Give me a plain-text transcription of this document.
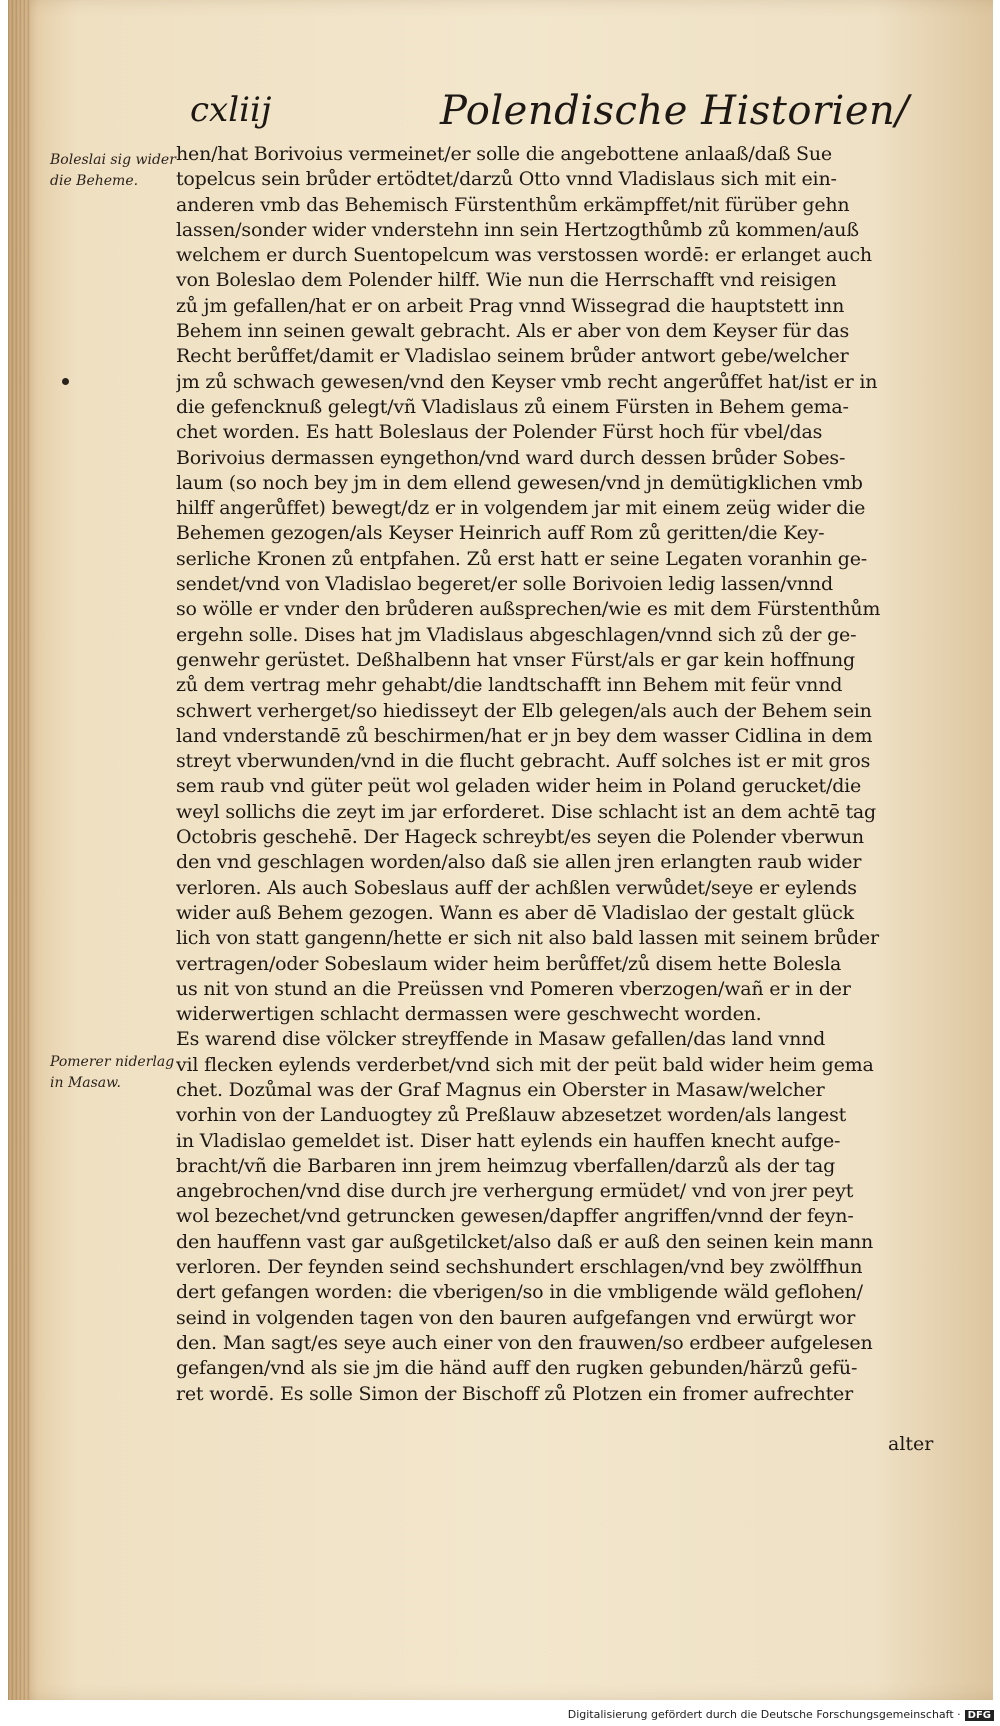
cxliij	Polendische Historien/
Boleslai sig wider die Beheme.
Pomerer niderlag in Masaw.
hen/hat Borivoius vermeinet/er solle die angebottene anlaaß/daß Sue
topelcus sein brůder ertödtet/darzů Otto vnnd Vladislaus sich mit ein-
anderen vmb das Behemisch Fürstenthům erkämpffet/nit fürüber gehn
lassen/sonder wider vnderstehn inn sein Hertzogthůmb zů kommen/auß
welchem er durch Suentopelcum was verstossen wordē: er erlanget auch
von Boleslao dem Polender hilff. Wie nun die Herrschafft vnd reisigen
zů jm gefallen/hat er on arbeit Prag vnnd Wissegrad die hauptstett inn
Behem inn seinen gewalt gebracht. Als er aber von dem Keyser für das
Recht berůffet/damit er Vladislao seinem brůder antwort gebe/welcher
jm zů schwach gewesen/vnd den Keyser vmb recht angerůffet hat/ist er in
die gefencknuß gelegt/vñ Vladislaus zů einem Fürsten in Behem gema-
chet worden. Es hatt Boleslaus der Polender Fürst hoch für vbel/das
Borivoius dermassen eyngethon/vnd ward durch dessen brůder Sobes-
laum (so noch bey jm in dem ellend gewesen/vnd jn demütigklichen vmb
hilff angerůffet) bewegt/dz er in volgendem jar mit einem zeüg wider die
Behemen gezogen/als Keyser Heinrich auff Rom zů geritten/die Key-
serliche Kronen zů entpfahen. Zů erst hatt er seine Legaten voranhin ge-
sendet/vnd von Vladislao begeret/er solle Borivoien ledig lassen/vnnd
so wölle er vnder den brůderen außsprechen/wie es mit dem Fürstenthům
ergehn solle. Dises hat jm Vladislaus abgeschlagen/vnnd sich zů der ge-
genwehr gerüstet. Deßhalbenn hat vnser Fürst/als er gar kein hoffnung
zů dem vertrag mehr gehabt/die landtschafft inn Behem mit feür vnnd
schwert verherget/so hiedisseyt der Elb gelegen/als auch der Behem sein
land vnderstandē zů beschirmen/hat er jn bey dem wasser Cidlina in dem
streyt vberwunden/vnd in die flucht gebracht. Auff solches ist er mit gros
sem raub vnd güter peüt wol geladen wider heim in Poland gerucket/die
weyl sollichs die zeyt im jar erforderet. Dise schlacht ist an dem achtē tag
Octobris geschehē. Der Hageck schreybt/es seyen die Polender vberwun
den vnd geschlagen worden/also daß sie allen jren erlangten raub wider
verloren. Als auch Sobeslaus auff der achßlen verwůdet/seye er eylends
wider auß Behem gezogen. Wann es aber dē Vladislao der gestalt glück
lich von statt gangenn/hette er sich nit also bald lassen mit seinem brůder
vertragen/oder Sobeslaum wider heim berůffet/zů disem hette Bolesla
us nit von stund an die Preüssen vnd Pomeren vberzogen/wañ er in der
widerwertigen schlacht dermassen were geschwecht worden.
Es warend dise völcker streyffende in Masaw gefallen/das land vnnd
vil flecken eylends verderbet/vnd sich mit der peüt bald wider heim gema
chet. Dozůmal was der Graf Magnus ein Oberster in Masaw/welcher
vorhin von der Landuogtey zů Preßlauw abzesetzet worden/als langest
in Vladislao gemeldet ist. Diser hatt eylends ein hauffen knecht aufge-
bracht/vñ die Barbaren inn jrem heimzug vberfallen/darzů als der tag
angebrochen/vnd dise durch jre verhergung ermüdet/ vnd von jrer peyt
wol bezechet/vnd getruncken gewesen/dapffer angriffen/vnnd der feyn-
den hauffenn vast gar außgetilcket/also daß er auß den seinen kein mann
verloren. Der feynden seind sechshundert erschlagen/vnd bey zwölffhun
dert gefangen worden: die vberigen/so in die vmbligende wäld geflohen/
seind in volgenden tagen von den bauren aufgefangen vnd erwürgt wor
den. Man sagt/es seye auch einer von den frauwen/so erdbeer aufgelesen
gefangen/vnd als sie jm die händ auff den rugken gebunden/härzů gefü-
ret wordē. Es solle Simon der Bischoff zů Plotzen ein fromer aufrechter
alter
Digitalisierung gefördert durch die Deutsche Forschungsgemeinschaft · DFG
